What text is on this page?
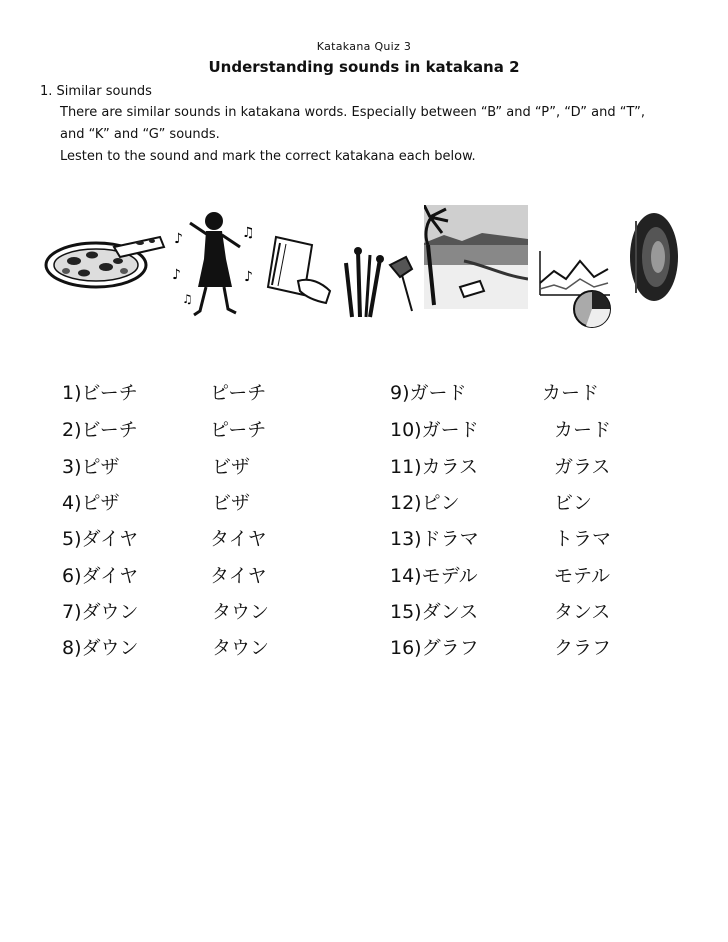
Katakana Quiz 3
Understanding sounds in katakana 2
1. Similar sounds
There are similar sounds in katakana words. Especially between “B” and “P”, “D” and “T”,
and “K” and “G” sounds.
Lesten to the sound and mark the correct katakana each below.
♪	♫
♪	♪
♫
1)ビーチ	ピーチ
2)ビーチ	ピーチ
3)ピザ	ビザ
4)ピザ	ビザ
5)ダイヤ	タイヤ
6)ダイヤ	タイヤ
7)ダウン	タウン
8)ダウン	タウン
9)ガード	カード
10)ガード	カード
11)カラス	ガラス
12)ピン	ビン
13)ドラマ	トラマ
14)モデル	モテル
15)ダンス	タンス
16)グラフ	クラフ
